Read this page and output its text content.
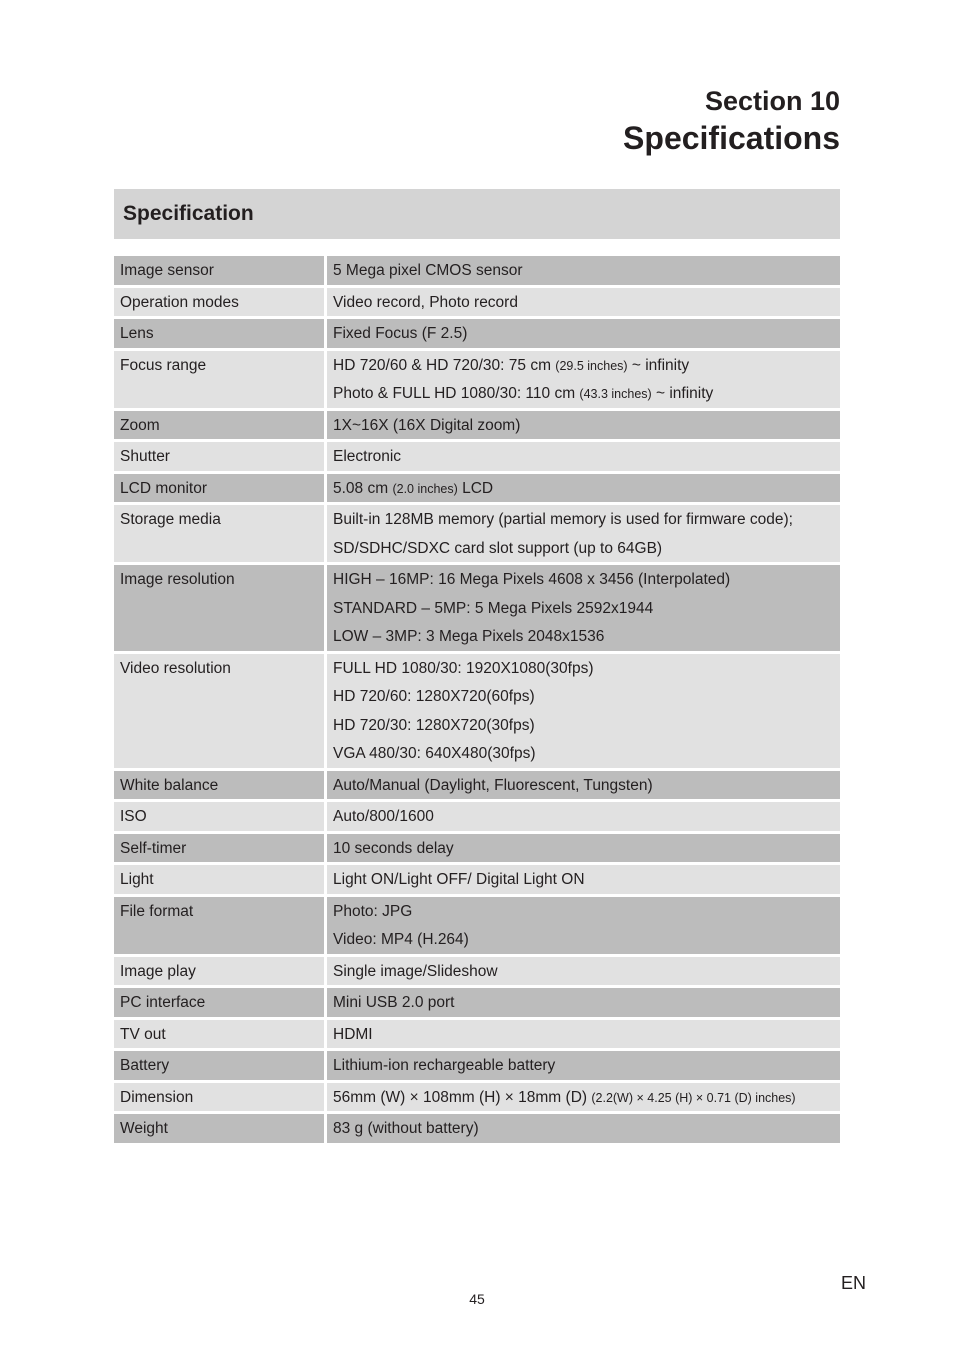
Section 10
Specifications
Specification
Image sensor	5 Mega pixel CMOS sensor

Operation modes	Video record, Photo record

Lens	Fixed Focus (F 2.5)

Focus range	HD 720/60 & HD 720/30: 75 cm (29.5 inches) ~ infinity
Photo & FULL HD 1080/30: 110 cm (43.3 inches) ~ infinity

Zoom	1X~16X (16X Digital zoom)

Shutter	Electronic

LCD monitor	5.08 cm (2.0 inches) LCD

Storage media	Built-in 128MB memory (partial memory is used for firmware code);
SD/SDHC/SDXC card slot support (up to 64GB)

Image resolution	HIGH – 16MP: 16 Mega Pixels 4608 x 3456 (Interpolated)
STANDARD – 5MP: 5 Mega Pixels 2592x1944
LOW – 3MP: 3 Mega Pixels 2048x1536

Video resolution	FULL HD 1080/30: 1920X1080(30fps)
HD 720/60: 1280X720(60fps)
HD 720/30: 1280X720(30fps)
VGA 480/30: 640X480(30fps)

White balance	Auto/Manual (Daylight, Fluorescent, Tungsten)

ISO	Auto/800/1600

Self-timer	10 seconds delay

Light	Light ON/Light OFF/ Digital Light ON

File format	Photo: JPG
Video: MP4 (H.264)

Image play	Single image/Slideshow

PC interface	Mini USB 2.0 port

TV out	HDMI

Battery	Lithium-ion rechargeable battery

Dimension	56mm (W) × 108mm (H) × 18mm (D) (2.2(W) × 4.25 (H) × 0.71 (D) inches)

Weight	83 g (without battery)
45
EN
